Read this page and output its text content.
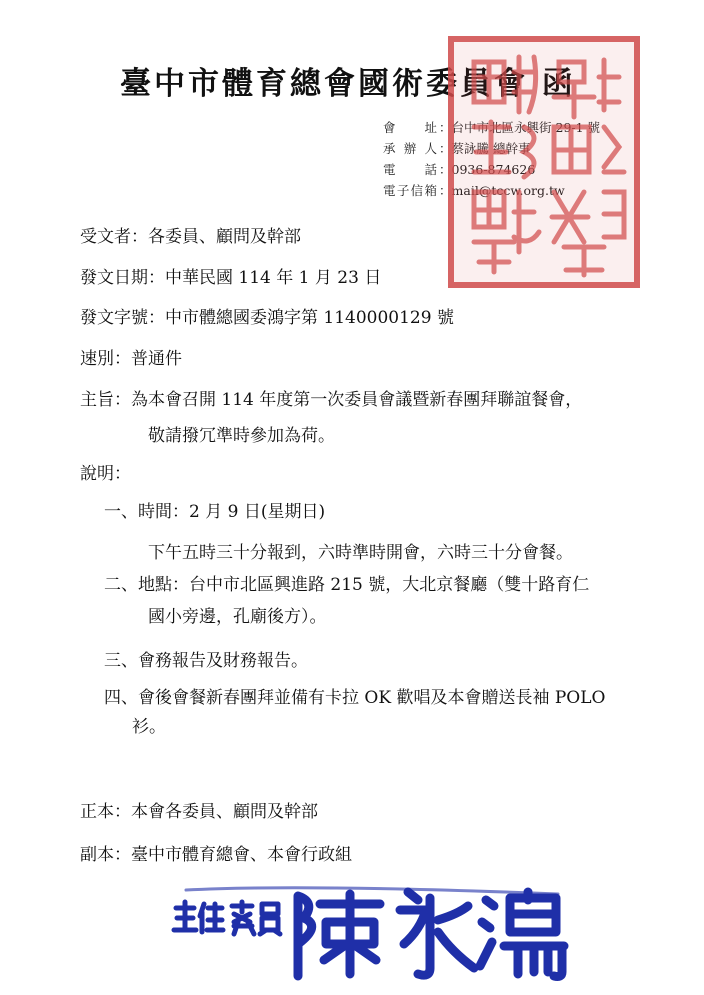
臺中市體育總會國術委員會 函
會 址 ：台中市北區永興街 29-1 號
承辦人 ：蔡詠騰 總幹事
電 話 ：0936-874626
電子信箱 ：mail@tccw.org.tw
受文者：各委員、顧問及幹部
發文日期：中華民國 114 年 1 月 23 日
發文字號：中市體總國委鴻字第 1140000129 號
速別：普通件
主旨：為本會召開 114 年度第一次委員會議暨新春團拜聯誼餐會，
敬請撥冗準時參加為荷。
說明：
一、時間：2 月 9 日(星期日)
下午五時三十分報到，六時準時開會，六時三十分會餐。
二、地點：台中市北區興進路 215 號，大北京餐廳（雙十路育仁
國小旁邊，孔廟後方）。
三、會務報告及財務報告。
四、會後會餐新春團拜並備有卡拉 OK 歡唱及本會贈送長袖 POLO
衫。
正本：本會各委員、顧問及幹部
副本：臺中市體育總會、本會行政組
